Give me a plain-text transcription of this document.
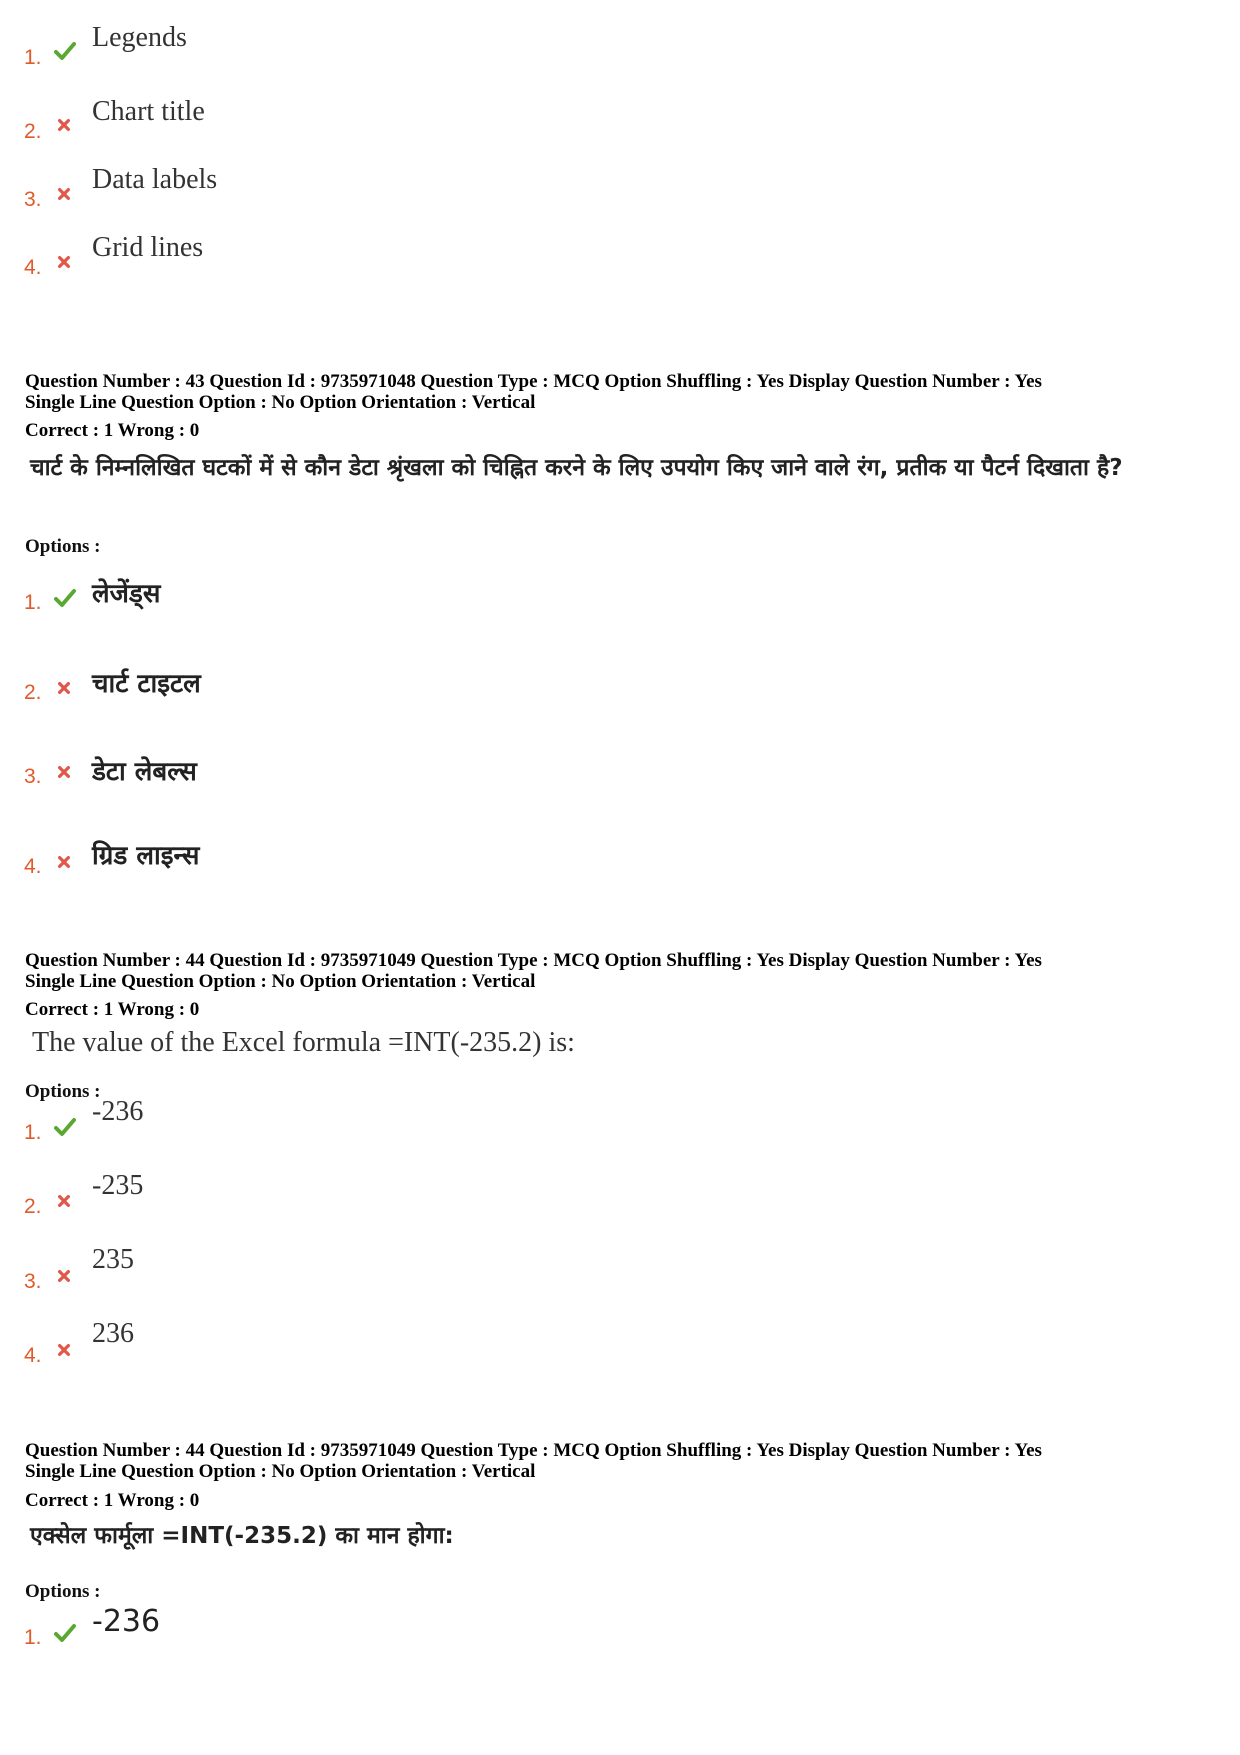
1.
Legends
2.
Chart title
3.
Data labels
4.
Grid lines
Question Number : 43 Question Id : 9735971048 Question Type : MCQ Option Shuffling : Yes Display Question Number : Yes
Single Line Question Option : No Option Orientation : Vertical
Correct : 1 Wrong : 0
चार्ट के निम्नलिखित घटकों में से कौन डेटा श्रृंखला को चिह्नित करने के लिए उपयोग किए जाने वाले रंग, प्रतीक या पैटर्न दिखाता है?
Options :
1. लेजेंड्स
2. चार्ट टाइटल
3. डेटा लेबल्स
4. ग्रिड लाइन्स
Question Number : 44 Question Id : 9735971049 Question Type : MCQ Option Shuffling : Yes Display Question Number : Yes
Single Line Question Option : No Option Orientation : Vertical
Correct : 1 Wrong : 0
The value of the Excel formula =INT(-235.2) is:
Options :
1.
-236
2.
-235
3.
235
4.
236
Question Number : 44 Question Id : 9735971049 Question Type : MCQ Option Shuffling : Yes Display Question Number : Yes
Single Line Question Option : No Option Orientation : Vertical
Correct : 1 Wrong : 0
एक्सेल फार्मूला =INT(-235.2) का मान होगा:
Options :
1. -236
